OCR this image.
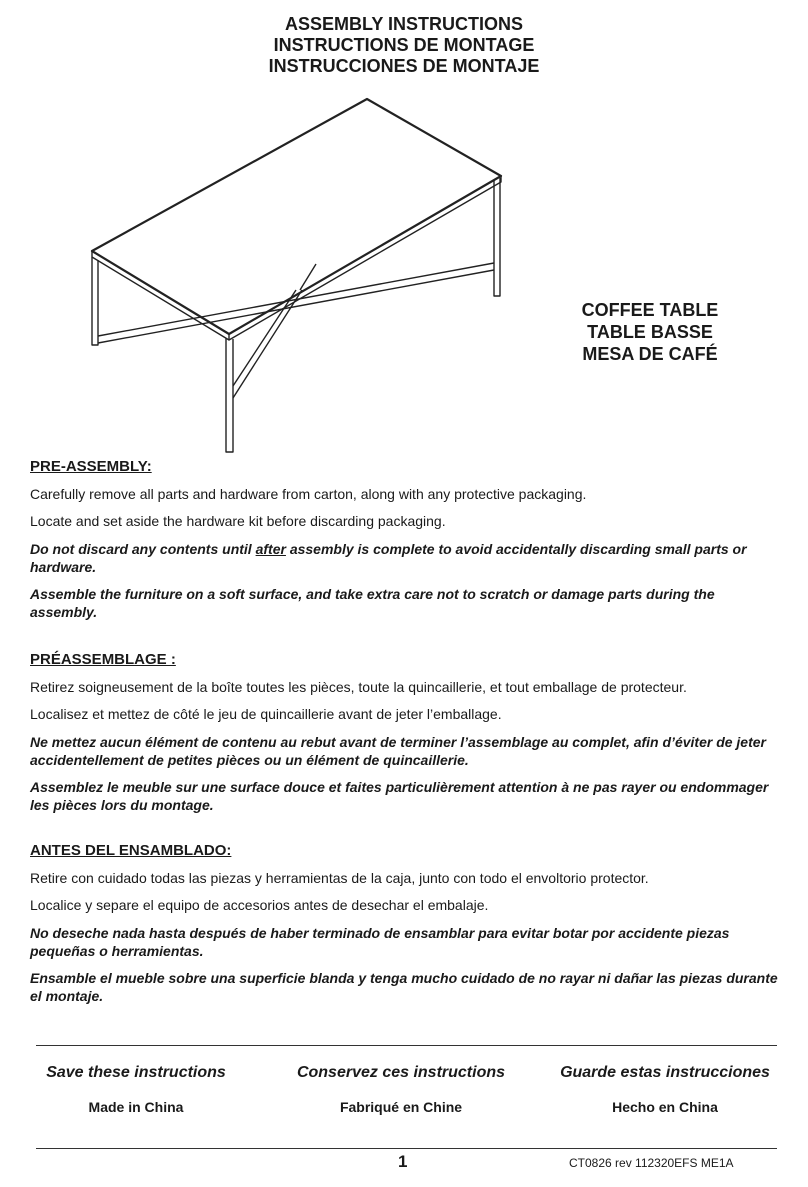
ASSEMBLY INSTRUCTIONS
INSTRUCTIONS DE MONTAGE
INSTRUCCIONES DE MONTAJE
COFFEE TABLE
TABLE BASSE
MESA DE CAFÉ
PRE-ASSEMBLY:

Carefully remove all parts and hardware from carton, along with any protective packaging.

Locate and set aside the hardware kit before discarding packaging.

Do not discard any contents until after assembly is complete to avoid accidentally discarding small parts or hardware.

Assemble the furniture on a soft surface, and take extra care not to scratch or damage parts during the assembly.

PRÉASSEMBLAGE :

Retirez soigneusement de la boîte toutes les pièces, toute la quincaillerie, et tout emballage de protecteur.

Localisez et mettez de côté le jeu de quincaillerie avant de jeter l’emballage.

Ne mettez aucun élément de contenu au rebut avant de terminer l’assemblage au complet, afin d’éviter de jeter accidentellement de petites pièces ou un élément de quincaillerie.

Assemblez le meuble sur une surface douce et faites particulièrement attention à ne pas rayer ou endommager les pièces lors du montage.

ANTES DEL ENSAMBLADO:

Retire con cuidado todas las piezas y herramientas de la caja, junto con todo el envoltorio protector.

Localice y separe el equipo de accesorios antes de desechar el embalaje.

No deseche nada hasta después de haber terminado de ensamblar para evitar botar por accidente piezas pequeñas o herramientas.

Ensamble el mueble sobre una superficie blanda y tenga mucho cuidado de no rayar ni dañar las piezas durante el montaje.

Save these instructions
Made in China
Conservez ces instructions
Fabriqué en Chine
Guarde estas instrucciones
Hecho en China
1	CT0826 rev 112320EFS ME1A
